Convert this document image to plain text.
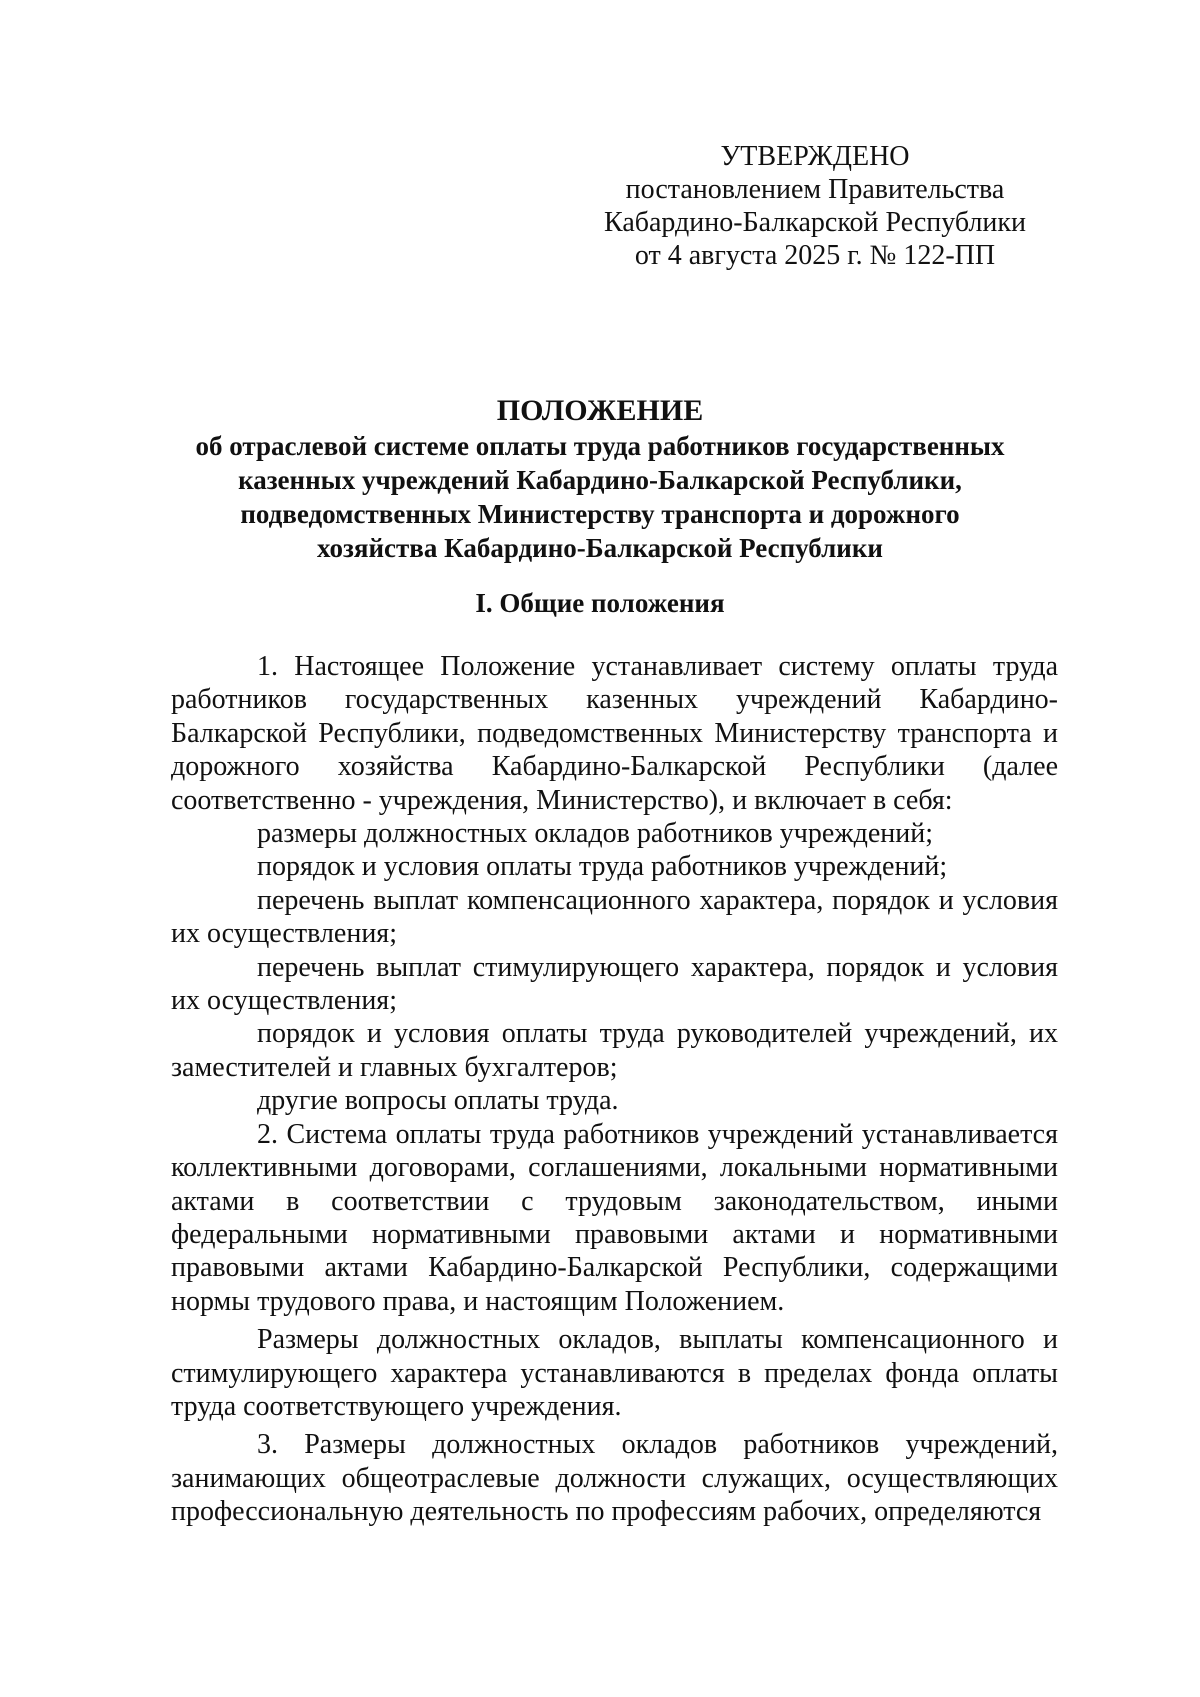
УТВЕРЖДЕНО
постановлением Правительства
Кабардино-Балкарской Республики
от 4 августа 2025 г. № 122-ПП
ПОЛОЖЕНИЕ
об отраслевой системе оплаты труда работников государственных
казенных учреждений Кабардино-Балкарской Республики,
подведомственных Министерству транспорта и дорожного
хозяйства Кабардино-Балкарской Республики
I. Общие положения

1. Настоящее Положение устанавливает систему оплаты труда работников государственных казенных учреждений Кабардино-Балкарской Республики, подведомственных Министерству транспорта и дорожного хозяйства Кабардино-Балкарской Республики (далее соответственно - учреждения, Министерство), и включает в себя:

размеры должностных окладов работников учреждений;

порядок и условия оплаты труда работников учреждений;

перечень выплат компенсационного характера, порядок и условия их осуществления;

перечень выплат стимулирующего характера, порядок и условия их осуществления;

порядок и условия оплаты труда руководителей учреждений, их заместителей и главных бухгалтеров;

другие вопросы оплаты труда.

2. Система оплаты труда работников учреждений устанавливается коллективными договорами, соглашениями, локальными нормативными актами в соответствии с трудовым законодательством, иными федеральными нормативными правовыми актами и нормативными правовыми актами Кабардино-Балкарской Республики, содержащими нормы трудового права, и настоящим Положением.

Размеры должностных окладов, выплаты компенсационного и стимулирующего характера устанавливаются в пределах фонда оплаты труда соответствующего учреждения.

3. Размеры должностных окладов работников учреждений, занимающих общеотраслевые должности служащих, осуществляющих профессиональную деятельность по профессиям рабочих, определяются
